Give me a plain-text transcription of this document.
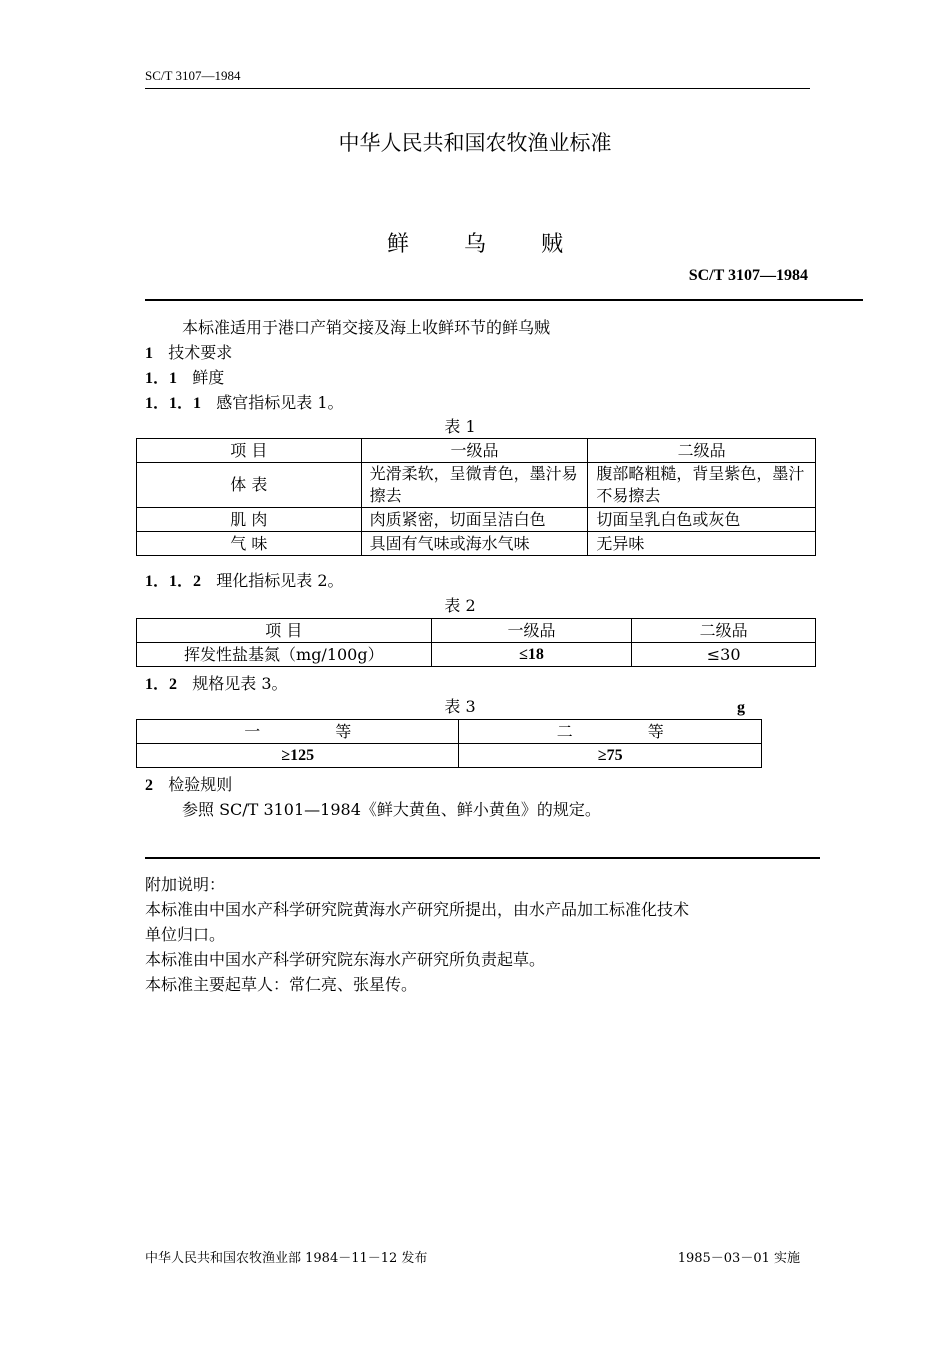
SC/T 3107—1984
中华人民共和国农牧渔业标准
鲜 乌 贼
SC/T 3107—1984
本标准适用于港口产销交接及海上收鲜环节的鲜乌贼
1 技术要求
1．1 鲜度
1．1．1 感官指标见表 1。
表 1
项 目	一级品	二级品
体 表	光滑柔软，呈微青色，墨汁易擦去	腹部略粗糙，背呈紫色，墨汁不易擦去
肌 肉	肉质紧密，切面呈洁白色	切面呈乳白色或灰色
气 味	具固有气味或海水气味	无异味
1．1．2 理化指标见表 2。
表 2
项 目	一级品	二级品
挥发性盐基氮（mg/100g）	≤18	≤30
1．2 规格见表 3。
表 3	g
一 等	二 等
≥125	≥75
2 检验规则
参照 SC/T 3101—1984《鲜大黄鱼、鲜小黄鱼》的规定。
附加说明：
本标准由中国水产科学研究院黄海水产研究所提出，由水产品加工标准化技术
单位归口。
本标准由中国水产科学研究院东海水产研究所负责起草。
本标准主要起草人：常仁亮、张星传。
中华人民共和国农牧渔业部 1984－11－12 发布	1985－03－01 实施
